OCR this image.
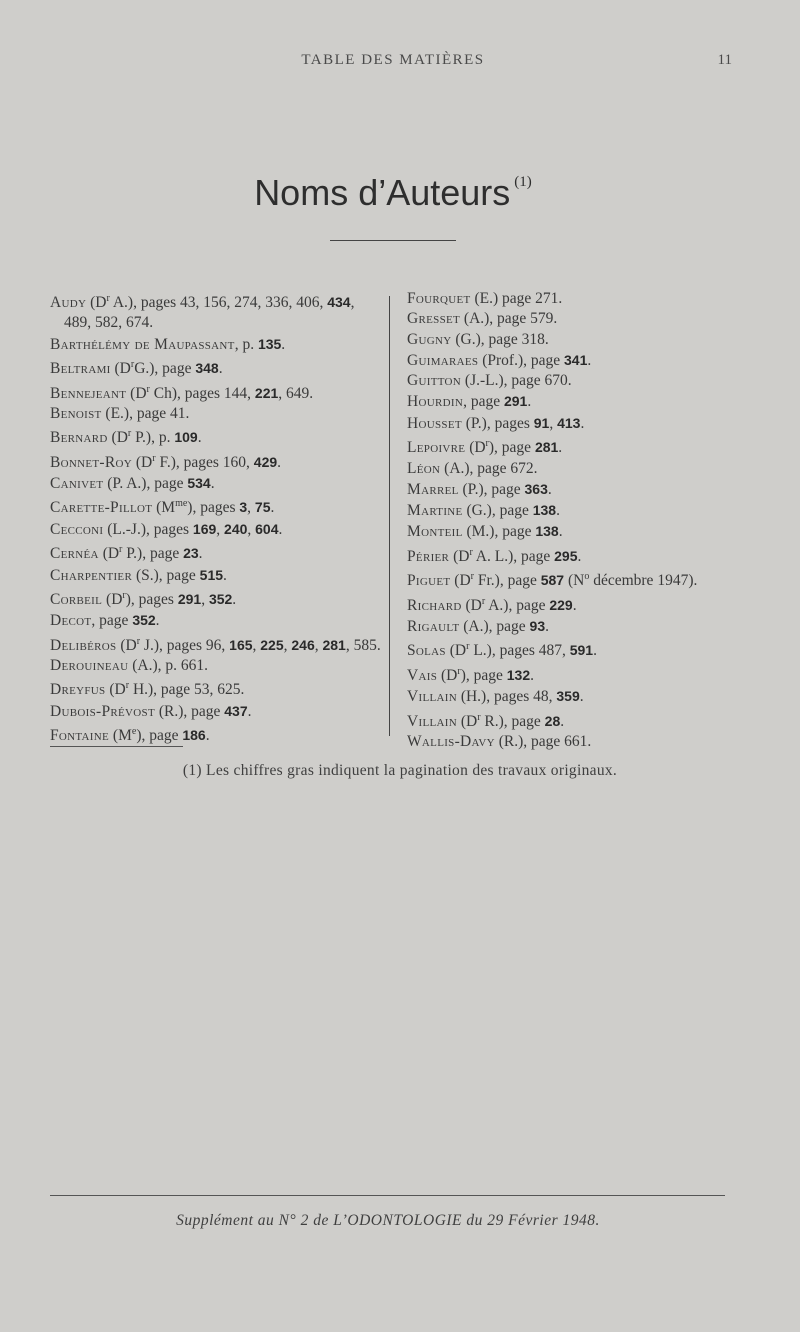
TABLE DES MATIÈRES	11
Noms d’Auteurs $^{(1)}$
Audy ($D^r$ A.), pages 43, 156, 274, 336, 406, 434, 489, 582, 674.
Barthélémy de Maupassant, p. 135.
Beltrami $(D^rG.)$, page 348.
Bennejeant ($D^r$ Ch), pages 144, 221, 649.
Benoist (E.), page 41.
Bernard ($D^r$ P.), p. 109.
Bonnet-Roy ($D^r$ F.), pages 160, 429.
Canivet (P. A.), page 534.
Carette-Pillot $(M^{me})$, pages 3, 75.
Cecconi (L.-J.), pages 169, 240, 604.
Cernéa ($D^r$ P.), page 23.
Charpentier (S.), page 515.
Corbeil $(D^r)$, pages 291, 352.
Decot, page 352.
Delibéros ($D^r$ J.), pages 96, 165, 225, 246, 281, 585.
Derouineau (A.), p. 661.
Dreyfus ($D^r$ H.), page 53, 625.
Dubois-Prévost (R.), page 437.
Fontaine (Me), page 186.
Fourquet (E.) page 271.
Gresset (A.), page 579.
Gugny (G.), page 318.
Guimaraes (Prof.), page 341.
Guitton (J.-L.), page 670.
Hourdin, page 291.
Housset (P.), pages 91, 413.
Lepoivre $(D^r)$, page 281.
Léon (A.), page 672.
Marrel (P.), page 363.
Martine (G.), page 138.
Monteil (M.), page 138.
Périer ($D^r$ A. L.), page 295.
Piguet ($D^r$ Fr.), page 587 ($N^o$ décembre 1947).
Richard ($D^r$ A.), page 229.
Rigault (A.), page 93.
Solas ($D^r$ L.), pages 487, 591.
Vais $(D^r)$, page 132.
Villain (H.), pages 48, 359.
Villain ($D^r$ R.), page 28.
Wallis-Davy (R.), page 661.
(1) Les chiffres gras indiquent la pagination des travaux originaux.
Supplément au N° 2 de L’ODONTOLOGIE du 29 Février 1948.
